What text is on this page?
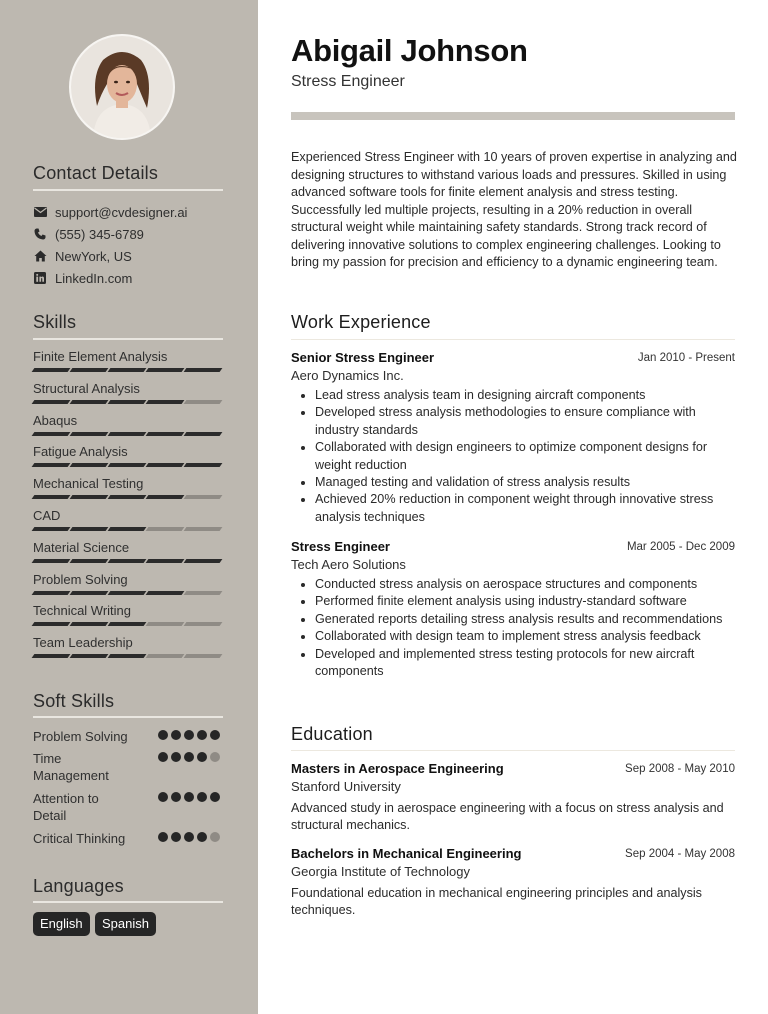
Contact Details
support@cvdesigner.ai
(555) 345-6789
NewYork, US
LinkedIn.com
Skills
Finite Element Analysis
Structural Analysis
Abaqus
Fatigue Analysis
Mechanical Testing
CAD
Material Science
Problem Solving
Technical Writing
Team Leadership
Soft Skills
Problem Solving
Time Management
Attention to Detail
Critical Thinking
Languages
English	Spanish
Abigail Johnson
Stress Engineer
Experienced Stress Engineer with 10 years of proven expertise in analyzing and designing structures to withstand various loads and pressures. Skilled in using advanced software tools for finite element analysis and stress testing. Successfully led multiple projects, resulting in a 20% reduction in overall structural weight while maintaining safety standards. Strong track record of delivering innovative solutions to complex engineering challenges. Looking to bring my passion for precision and efficiency to a dynamic engineering team.
Work Experience
Senior Stress Engineer	Jan 2010 - Present
Aero Dynamics Inc.
• Lead stress analysis team in designing aircraft components
• Developed stress analysis methodologies to ensure compliance with industry standards
• Collaborated with design engineers to optimize component designs for weight reduction
• Managed testing and validation of stress analysis results
• Achieved 20% reduction in component weight through innovative stress analysis techniques
Stress Engineer	Mar 2005 - Dec 2009
Tech Aero Solutions
• Conducted stress analysis on aerospace structures and components
• Performed finite element analysis using industry-standard software
• Generated reports detailing stress analysis results and recommendations
• Collaborated with design team to implement stress analysis feedback
• Developed and implemented stress testing protocols for new aircraft components
Education
Masters in Aerospace Engineering	Sep 2008 - May 2010
Stanford University
Advanced study in aerospace engineering with a focus on stress analysis and structural mechanics.
Bachelors in Mechanical Engineering	Sep 2004 - May 2008
Georgia Institute of Technology
Foundational education in mechanical engineering principles and analysis techniques.
